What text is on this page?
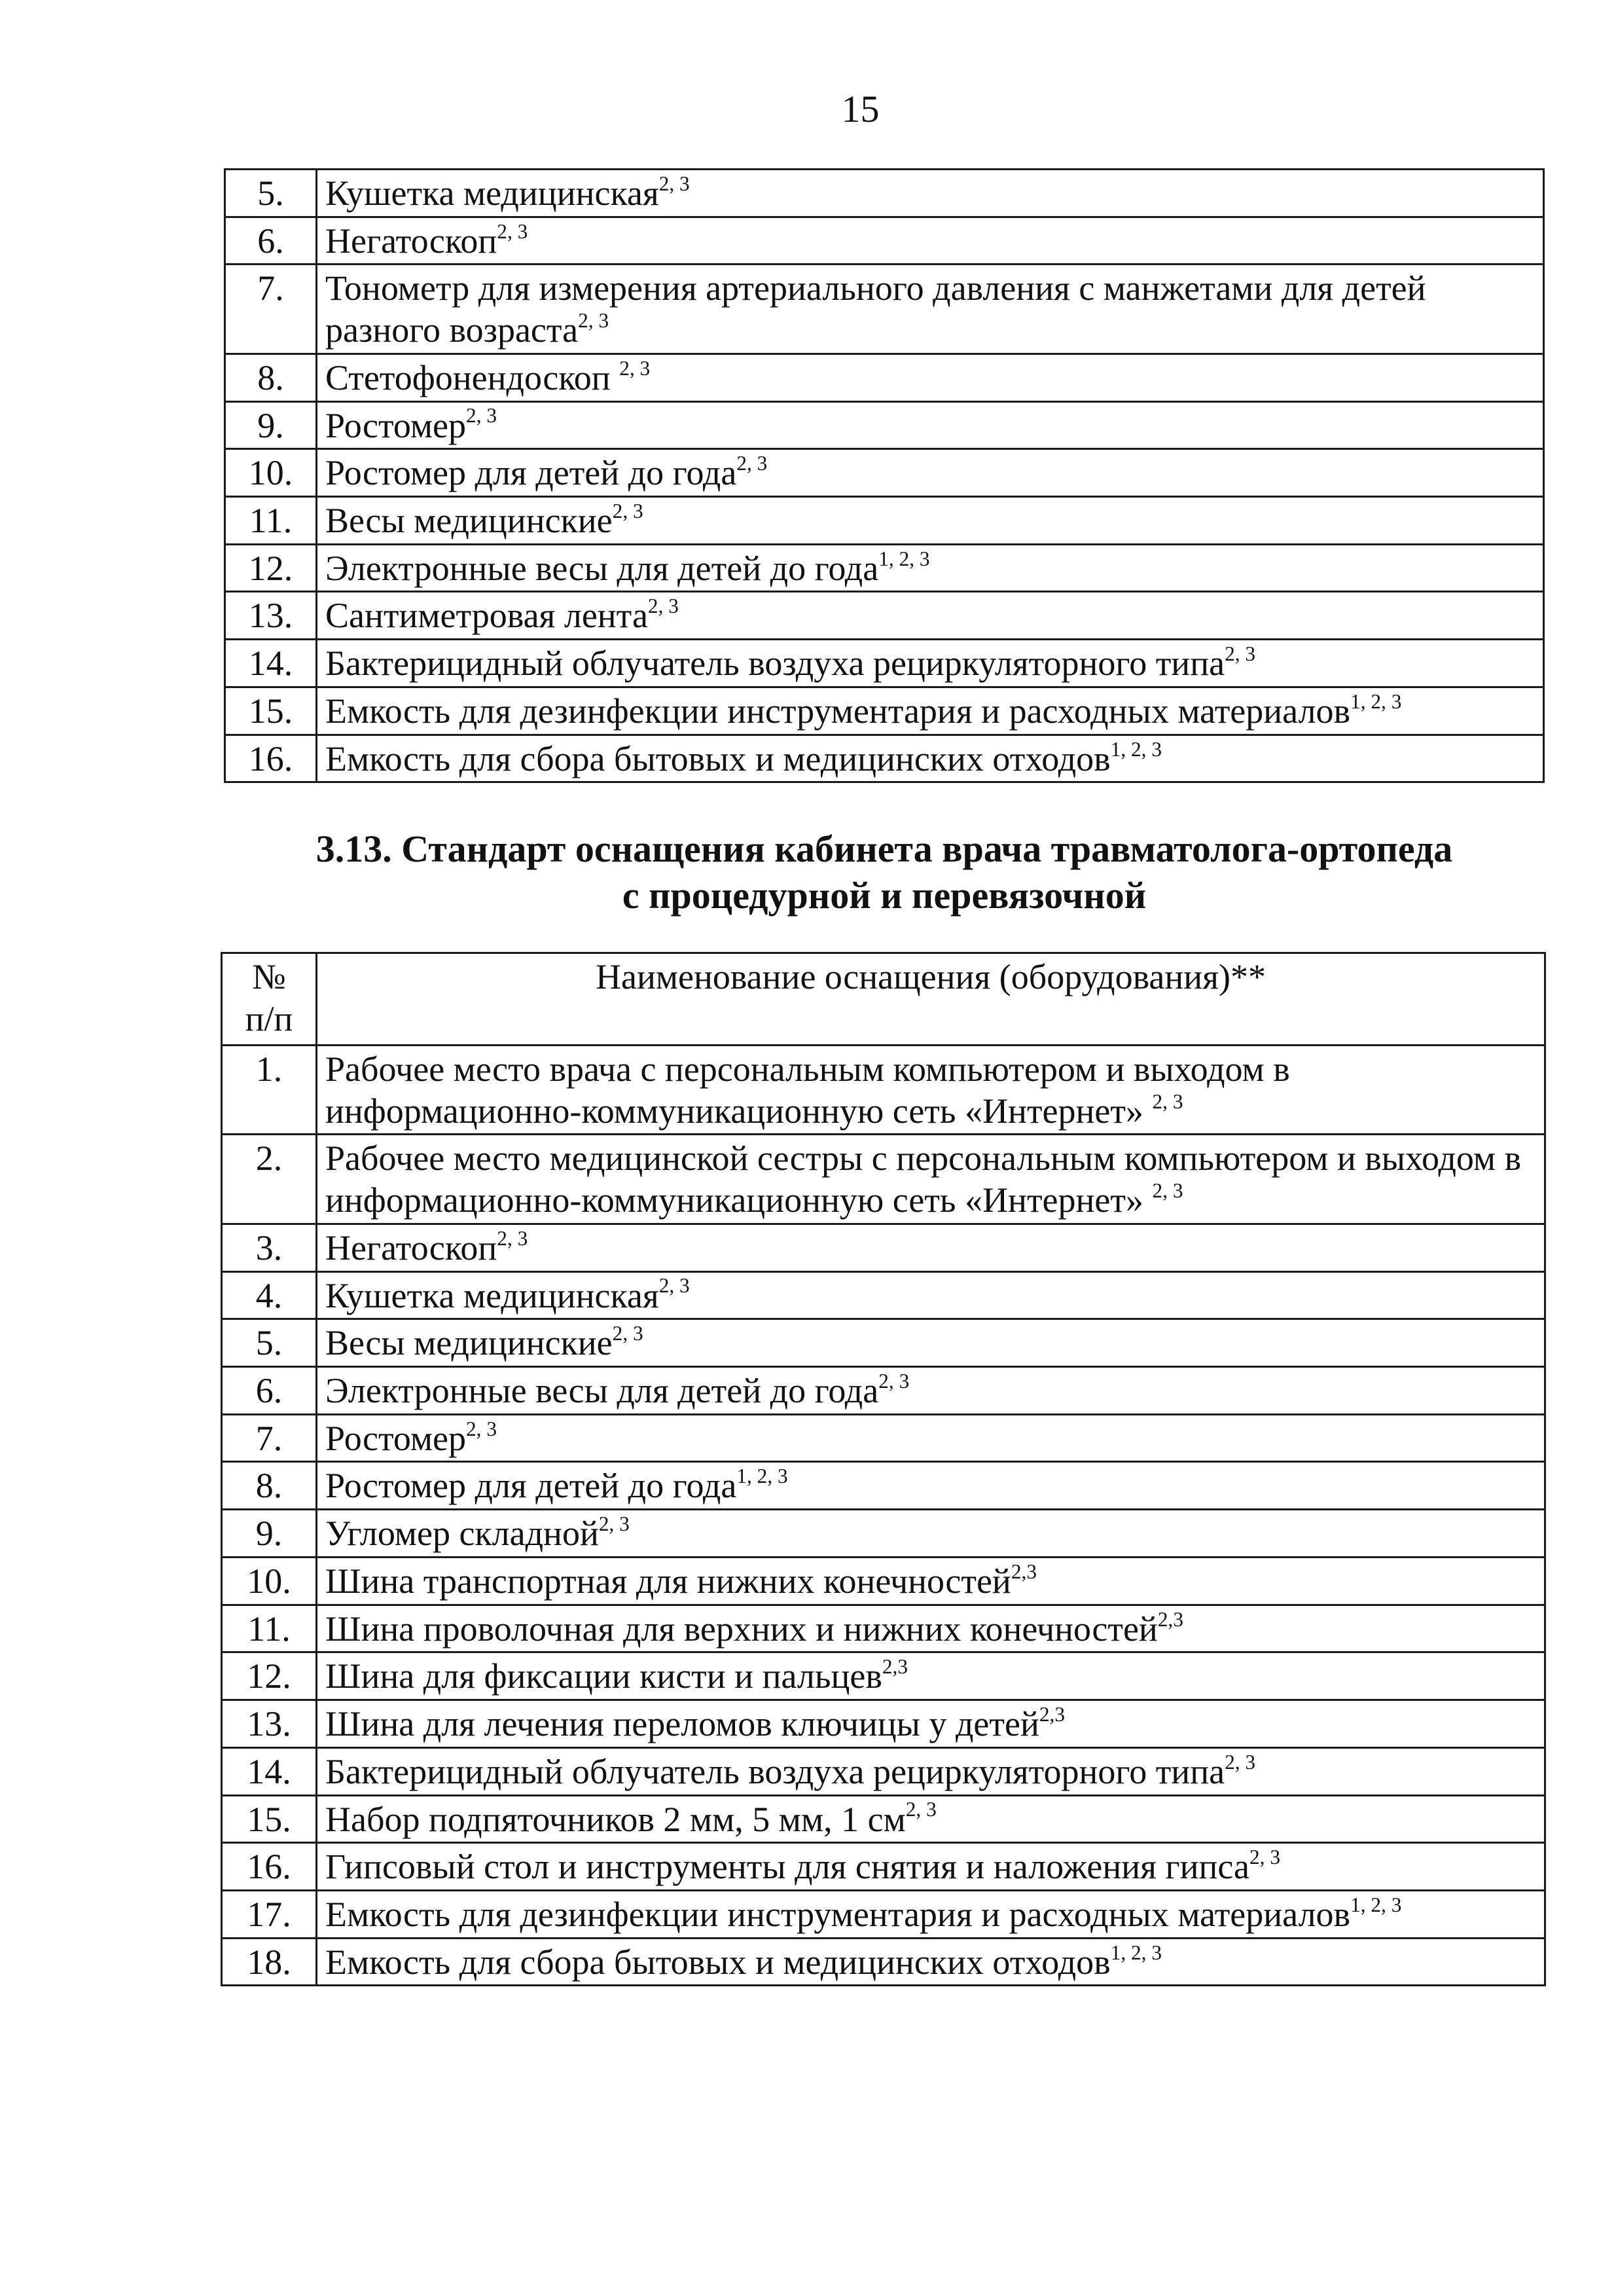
15
5.	Кушетка медицинская$^{2, 3}$
6.	Негатоскоп$^{2, 3}$
7.	Тонометр для измерения артериального давления с манжетами для детей разного возраста$^{2, 3}$
8.	Стетофонендоскоп $^{2, 3}$
9.	Ростомер$^{2, 3}$
10.	Ростомер для детей до года$^{2, 3}$
11.	Весы медицинские$^{2, 3}$
12.	Электронные весы для детей до года$^{1, 2, 3}$
13.	Сантиметровая лента$^{2, 3}$
14.	Бактерицидный облучатель воздуха рециркуляторного типа$^{2, 3}$
15.	Емкость для дезинфекции инструментария и расходных материалов$^{1, 2, 3}$
16.	Емкость для сбора бытовых и медицинских отходов$^{1, 2, 3}$
3.13. Стандарт оснащения кабинета врача травматолога-ортопеда
с процедурной и перевязочной
№
п/п	Наименование оснащения (оборудования)**
1.	Рабочее место врача с персональным компьютером и выходом в информационно-коммуникационную сеть «Интернет» $^{2, 3}$
2.	Рабочее место медицинской сестры с персональным компьютером и выходом в информационно-коммуникационную сеть «Интернет» $^{2, 3}$
3.	Негатоскоп$^{2, 3}$
4.	Кушетка медицинская$^{2, 3}$
5.	Весы медицинские$^{2, 3}$
6.	Электронные весы для детей до года$^{2, 3}$
7.	Ростомер$^{2, 3}$
8.	Ростомер для детей до года$^{1, 2, 3}$
9.	Угломер складной$^{2, 3}$
10.	Шина транспортная для нижних конечностей$^{2,3}$
11.	Шина проволочная для верхних и нижних конечностей$^{2,3}$
12.	Шина для фиксации кисти и пальцев$^{2,3}$
13.	Шина для лечения переломов ключицы у детей$^{2,3}$
14.	Бактерицидный облучатель воздуха рециркуляторного типа$^{2, 3}$
15.	Набор подпяточников 2 мм, 5 мм, 1 см$^{2, 3}$
16.	Гипсовый стол и инструменты для снятия и наложения гипса$^{2, 3}$
17.	Емкость для дезинфекции инструментария и расходных материалов$^{1, 2, 3}$
18.	Емкость для сбора бытовых и медицинских отходов$^{1, 2, 3}$
